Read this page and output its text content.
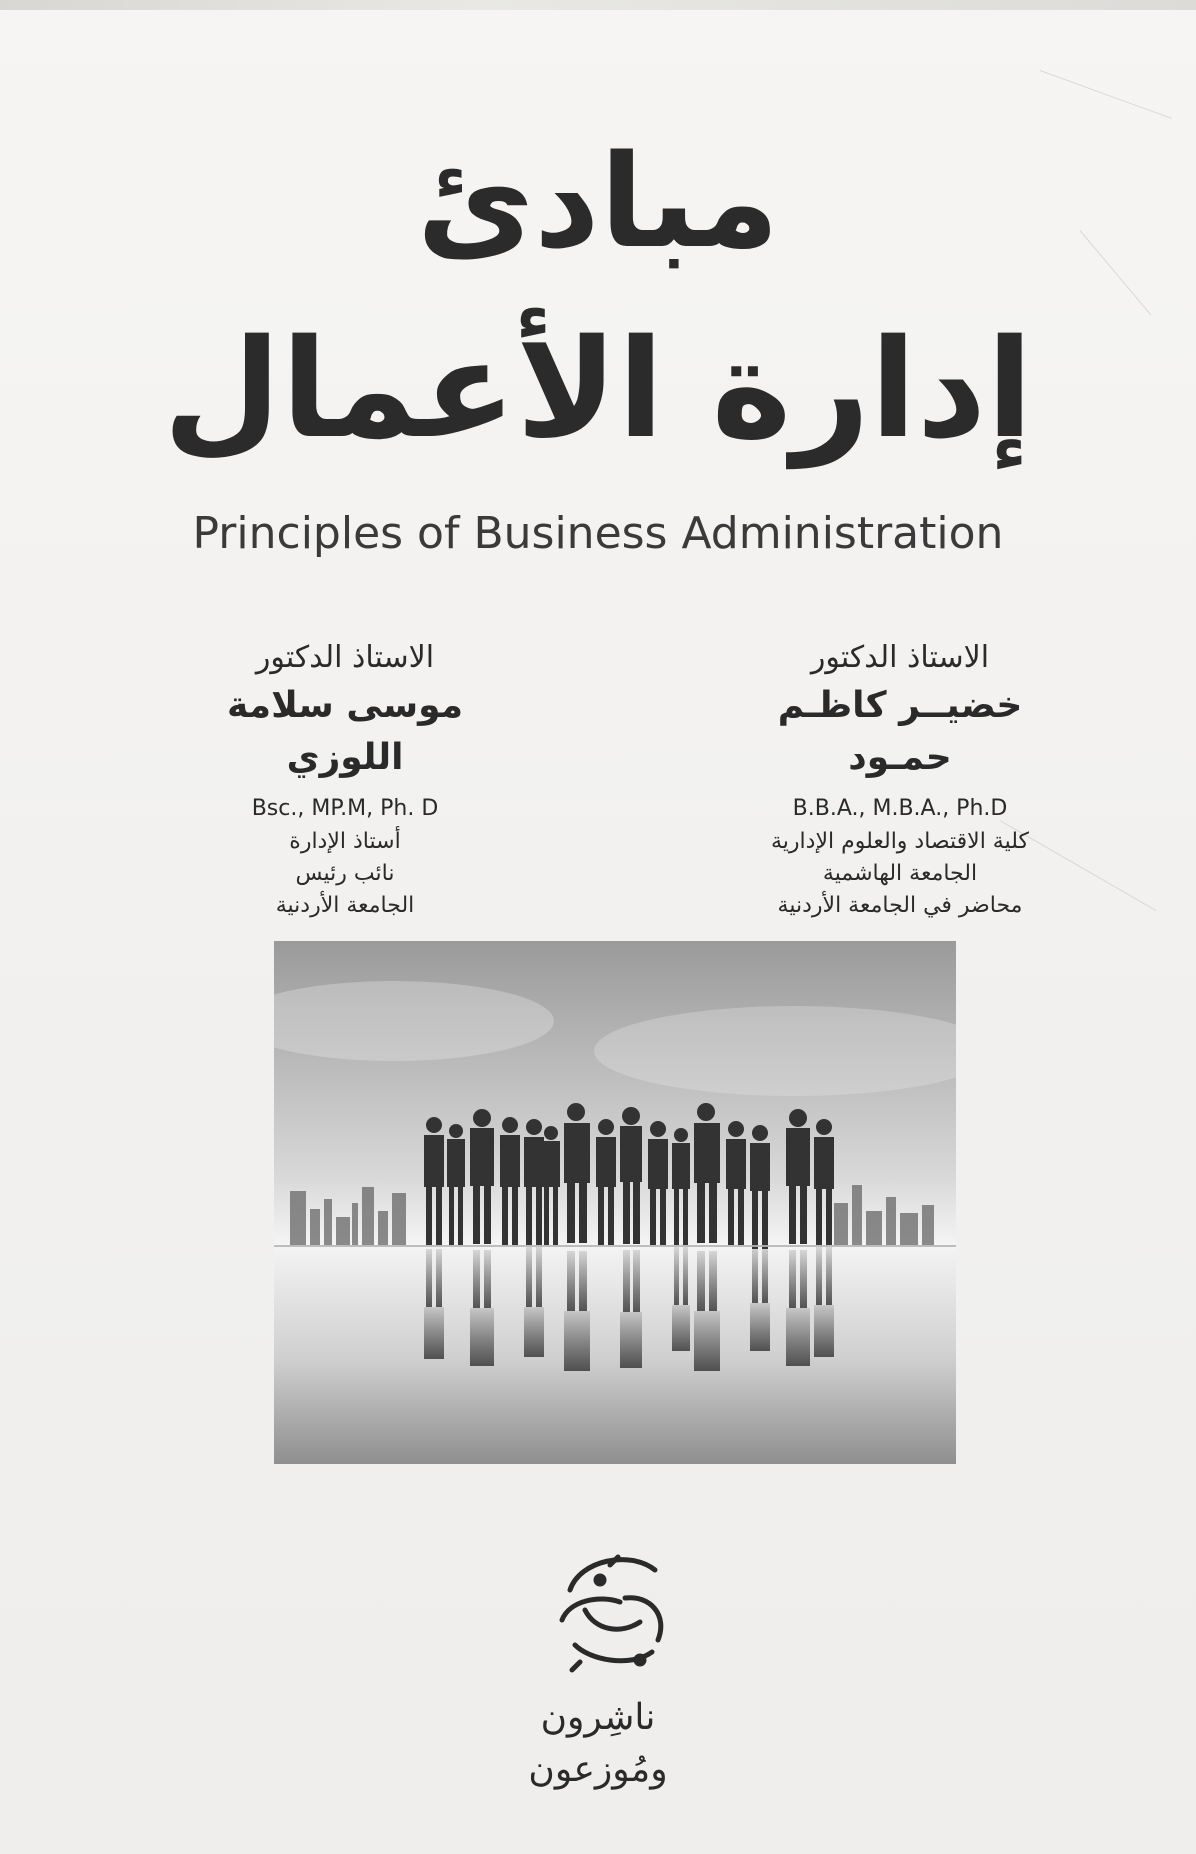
مبادئ
إدارة الأعمال
Principles of Business Administration
الاستاذ الدكتور
خضيــر كاظـم حمـود
B.B.A., M.B.A., Ph.D
كلية الاقتصاد والعلوم الإدارية
الجامعة الهاشمية
محاضر في الجامعة الأردنية
الاستاذ الدكتور
موسى سلامة اللوزي
Bsc., MP.M, Ph. D
أستاذ الإدارة
نائب رئيس
الجامعة الأردنية
ناشِرون ومُوزعون
